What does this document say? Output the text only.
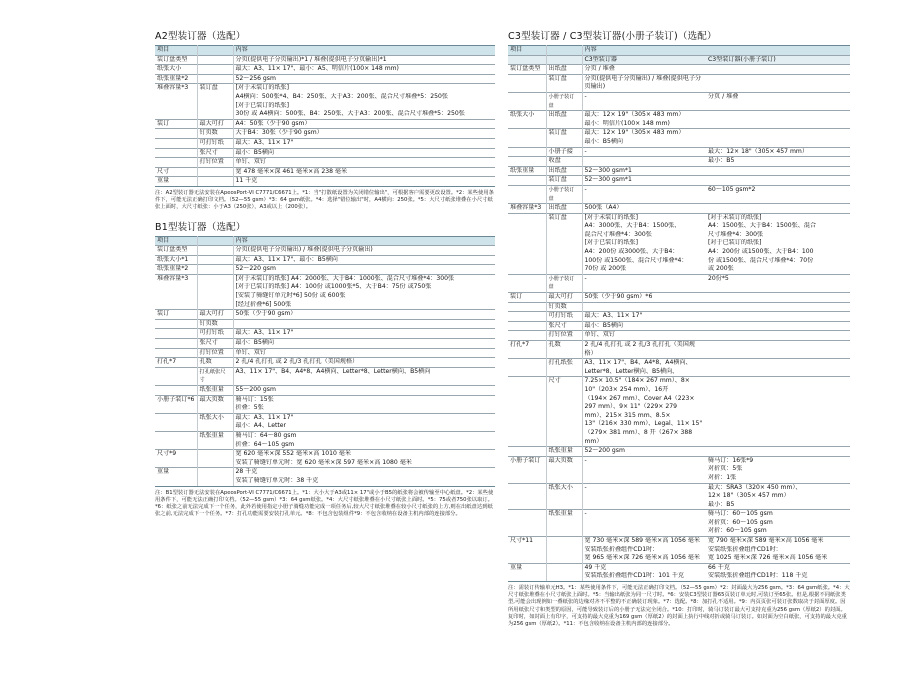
A2型装订器（选配）
项目		内容
装订盘类型		分页(提供电子分页输出)*1 / 堆叠(提供电子分页输出)*1
纸张大小		最大：A3、11× 17"、最小：A5、明信片(100× 148 mm)
纸张重量*2		52～256 gsm
堆叠容量*3	装订盘	[对于未装订的纸张]
		A4横向：500张*4、B4：250张、大于A3：200张、混合尺寸堆叠*5：250张
		[对于已装订的纸张]
		30份 或 A4横向：500张、B4：250张、大于A3：200张、混合尺寸堆叠*5：250张
装订	最大可打	A4：50张（少于90 gsm）
	钉页数	大于B4：30张（少于90 gsm）
	可打钉纸	最大：A3、11× 17"
	张尺寸	最小：B5横向
	打钉位置	单钉、双钉
尺寸		宽 478 毫米×深 461 毫米×高 238 毫米
重量		11 千克
注：A2型装订器无法安装在ApeosPort-VI C7771/C6671上。*1：当"打散纸设置为关闭错位输出"，可根据客户需要更改设置。*2：某些使用条件下，可能无法正确打印文档。（52—55 gsm）*3：64 gsm纸张。*4：选择"错位输出"时，A4横向：250张。*5：大尺寸纸张堆叠在小尺寸纸张上面时，大尺寸纸张：小于A3（250张），A3或以上（200张）。
B1型装订器（选配）
项目		内容
装订盘类型		分页(提供电子分页输出) / 堆叠(提供电子分页输出)
纸张大小*1		最大：A3、11× 17"、最小：B5横向
纸张重量*2		52～220 gsm
堆叠容量*3		[对于未装订的纸张] A4：2000张、大于B4：1000张、混合尺寸堆叠*4：300张
		[对于已装订的纸张] A4：100份 或1000张*5、大于B4：75份 或750张
		[安装了骑缝钉单元时*6] 50份 或 600张
		[经过折叠*6] 500张
装订	最大可打	50张（少于90 gsm）
	钉页数	
	可打钉纸	最大：A3、11× 17"
	张尺寸	最小：B5横向
	打钉位置	单钉、双钉
打孔*7	孔数	2 孔/4 孔打孔 或 2 孔/3 孔打孔（美国规格）
	打孔纸张尺寸	A3、11× 17"、B4、A4*8、A4横向、Letter*8、Letter横向、B5横向
	纸张重量	55～200 gsm
小册子装订*6	最大页数	骑马订：15张
		折叠：5张
	纸张大小	最大：A3、11× 17"
		最小：A4、Letter
	纸张重量	骑马订：64～80 gsm
		折叠：64～105 gsm
尺寸*9		宽 620 毫米×深 552 毫米×高 1010 毫米
		安装了骑缝钉单元时：宽 620 毫米×深 597 毫米×高 1080 毫米
重量		28 千克
		安装了骑缝钉单元时：38 千克
注：B1型装订器无法安装在ApeosPort-VI C7771/C6671上。*1：大小大于A3或11× 17"或小于B5的纸张将会被传输至中心纸盘。*2：某些使用条件下，可能无法正确打印文档。（52—55 gsm）*3：64 gsm纸张。*4：大尺寸纸张堆叠在小尺寸纸张上面时。*5：75或者750张以取订。*6：纸张之前无法完成下一个任务，此外若使用指定小册子骑缝功能完成一项任务后,较大尺寸纸张堆叠在较小尺寸纸张的上方,则在出纸盘达到纸张之前,无法完成下一个任务。*7：打孔功能需要安装打孔单元。*8：不包含包装组件*9：不包含收纳在设备主机内部的连接部分。
C3型装订器 / C3型装订器(小册子装订)（选配）
项目		内容	
		C3型装订器	C3型装订器(小册子装订)
装订盘类型	出纸盘	分页 / 堆叠	
	装订盘	分页(提供电子分页输出) / 堆叠(提供电子分页输出)	
	小册子装订盘	-	分页 / 堆叠
纸张大小	出纸盘	最大：12× 19"（305× 483 mm）	
		最小：明信片(100× 148 mm)	
	装订盘	最大：12× 19"（305× 483 mm）	
		最小：B5横向	
	小册子接	-	最大：12× 18"（305× 457 mm）
	收盘		最小：B5
纸张重量	出纸盘	52～300 gsm*1	
	装订盘	52～300 gsm*1	
	小册子装订盘	-	60～105 gsm*2
堆叠容量*3	出纸盘	500张（A4）	
	装订盘	[对于未装订的纸张]	[对于未装订的纸张]
		A4：3000张、大于B4：1500张、	A4：1500张、大于B4：1500张、混合
		混合尺寸堆叠*4：300张	尺寸堆叠*4：300张
		[对于已装订的纸张]	[对于已装订的纸张]
		A4：200份 或3000张、大于B4：	A4：200份 或1500张、大于B4：100
		100份 或1500张、混合尺寸堆叠*4：	份 或1500张、混合尺寸堆叠*4：70份
		70份 或 200张	或 200张
	小册子装订盘	-	20份*5
装订	最大可打	50张（少于90 gsm）*6	
	钉页数		
	可打钉纸	最大：A3、11× 17"	
	张尺寸	最小：B5横向	
	打钉位置	单钉、双钉	
打孔*7	孔数	2 孔/4 孔打孔 或 2 孔/3 孔打孔（美国规格）	
	打孔纸张	A3、11× 17"、B4、A4*8、A4横向、Letter*8、Letter横向、B5横向、	
	尺寸	7.25× 10.5"（184× 267 mm）、8× 10"（203× 254 mm）、16开	
		（194× 267 mm）、Cover A4（223× 297 mm）、9× 11"（229× 279	
		mm）、215× 315 mm、8.5× 13"（216× 330 mm）、Legal、11× 15"	
		（279× 381 mm）、8 开（267× 388 mm）	
	纸张重量	52～200 gsm	
小册子装订	最大页数	-	骑马订：16张*9
			对折页：5张
			对折：1张
	纸张大小	-	最大：SRA3（320× 450 mm）、
			12× 18"（305× 457 mm）
			最小：B5
	纸张重量	-	骑马订：60～105 gsm
			对折页：60～105 gsm
			对折：60～105 gsm
尺寸*11		宽 730 毫米×深 589 毫米×高 1056 毫米	宽 790 毫米×深 589 毫米×高 1056 毫米
		安装纸张折叠组件CD1时：	安装纸张折叠组件CD1时：
		宽 965 毫米×深 726 毫米×高 1056 毫米	宽 1025 毫米×深 726 毫米×高 1056 毫米
重量		49 千克	66 千克
		安装纸张折叠组件CD1时：101 千克	安装纸张折叠组件CD1时：118 千克
注：需装订传输单元H3。*1：某些使用条件下，可能无法正确打印文档。（52—55 gsm）*2：封面最大为256 gsm。*3：64 gsm纸张。*4：大尺寸纸张堆叠在小尺寸纸张上面时。*5：当输出纸张为同一尺寸时。*6：安装C3型装订器65页装订单元时,可装订至65张。但是,根据不同纸张类型,可能会出现例如一叠纸张的边缘对齐不平整的不正确装订现象。*7：选配。*8：加打孔不适用。*9：内页页张可装订张数取决于封面厚度。因所用纸张尺寸和类型的原因，可能导致装订后的小册子无法完全闭合。*10：打印时，骑马订装订最大可支持克重为256 gsm（厚纸2）的封面。复印时，如封面上有印字，可支持的最大克重为169 gsm（厚纸2）的封面上执行中线对折或骑马订装订。如封面为空白纸张，可支持的最大克重为256 gsm（厚纸2）。*11：不包含收纳在设备主机内部的连接部分。
